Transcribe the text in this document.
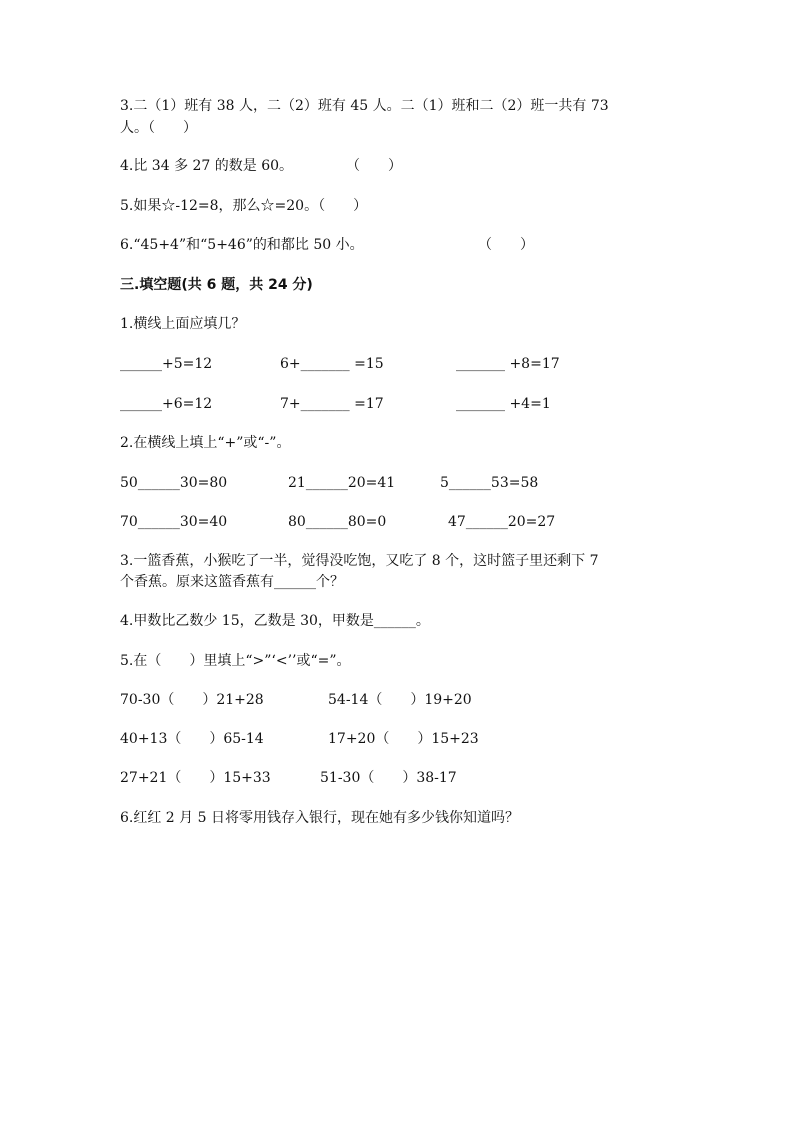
3.二（1）班有 38 人，二（2）班有 45 人。二（1）班和二（2）班一共有 73
人。（　　）
4.比 34 多 27 的数是 60。	（　　）
5.如果☆-12=8，那么☆=20。（　　）
6.“45+4”和“5+46”的和都比 50 小。	（　　）
三.填空题(共 6 题，共 24 分)
1.横线上面应填几？
______+5=12	6+_______ =15	_______ +8=17
______+6=12	7+_______ =17	_______ +4=1
2.在横线上填上“+”或“-”。
50______30=80	21______20=41	5______53=58
70______30=40	80______80=0	47______20=27
3.一篮香蕉，小猴吃了一半，觉得没吃饱，又吃了 8 个，这时篮子里还剩下 7
个香蕉。原来这篮香蕉有______个？
4.甲数比乙数少 15，乙数是 30，甲数是______。
5.在（　　）里填上“>”‘<’’或“=”。
70-30（　　）21+28	54-14（　　）19+20
40+13（　　）65-14	17+20（　　）15+23
27+21（　　）15+33	51-30（　　）38-17
6.红红 2 月 5 日将零用钱存入银行，现在她有多少钱你知道吗？
